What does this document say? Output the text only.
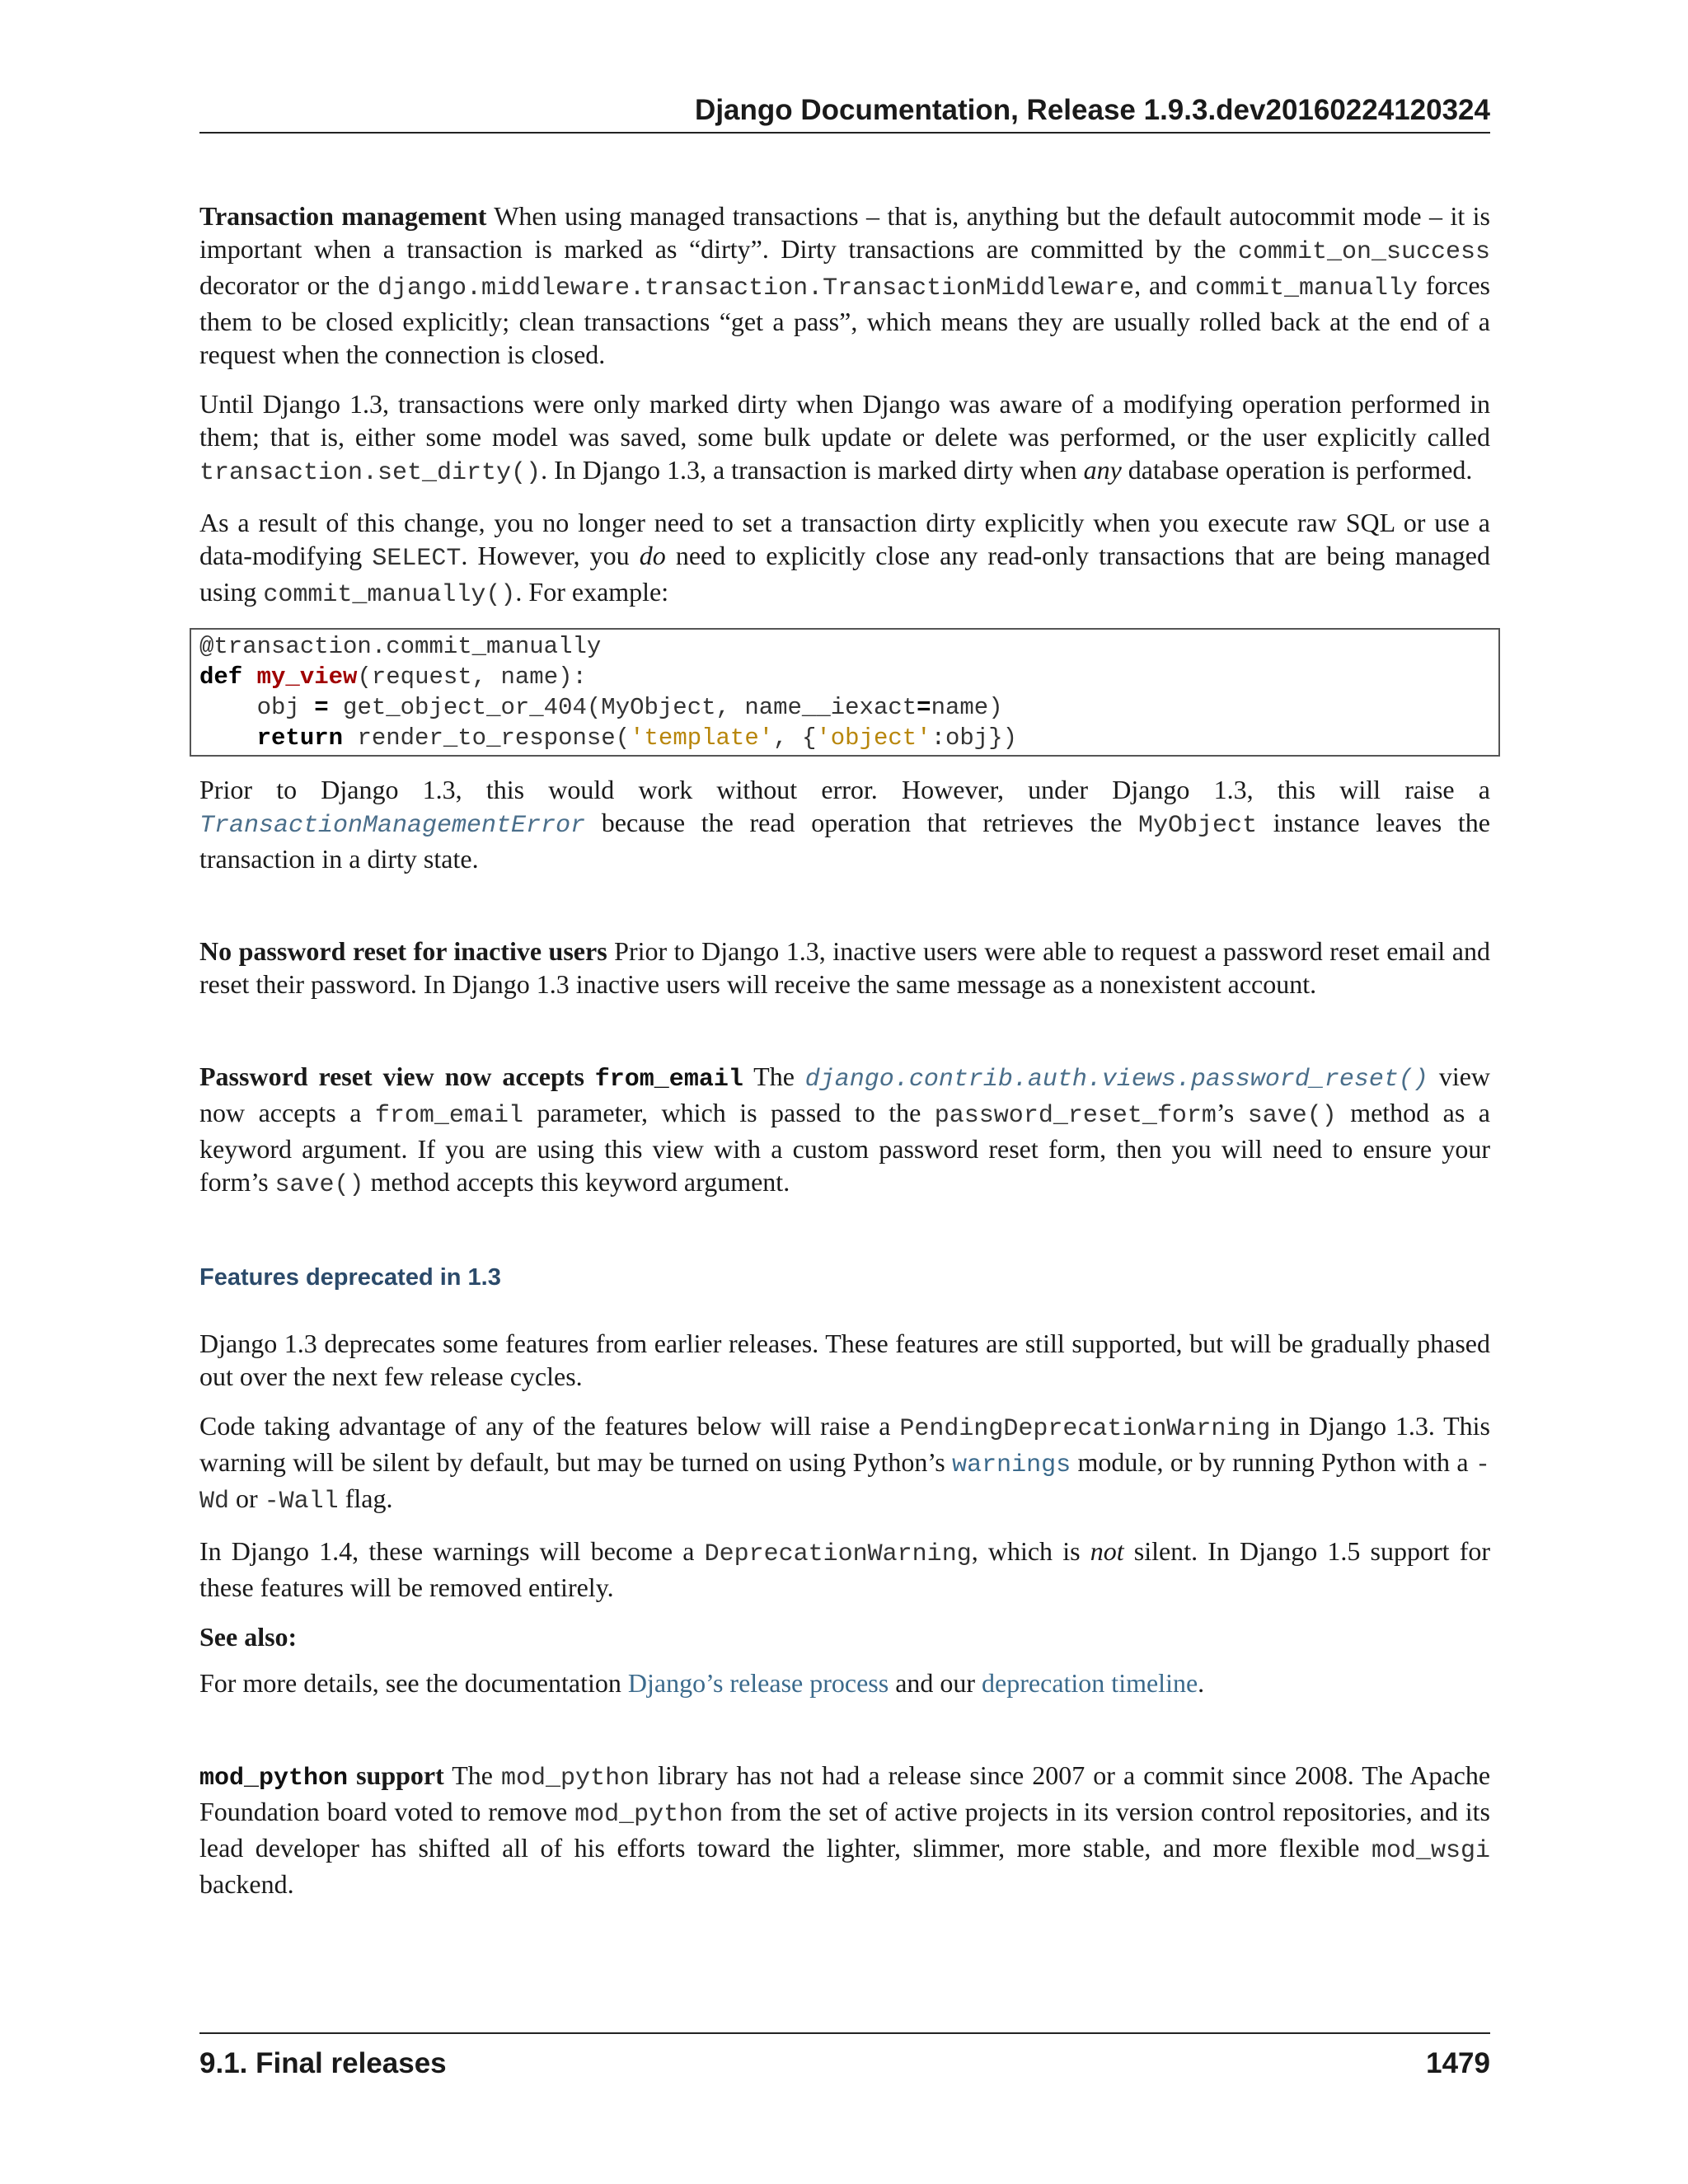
Django Documentation, Release 1.9.3.dev20160224120324

Transaction management When using managed transactions – that is, anything but the default autocommit mode – it is important when a transaction is marked as “dirty”. Dirty transactions are committed by the commit_on_success decorator or the django.middleware.transaction.TransactionMiddleware, and commit_manually forces them to be closed explicitly; clean transactions “get a pass”, which means they are usually rolled back at the end of a request when the connection is closed.

Until Django 1.3, transactions were only marked dirty when Django was aware of a modifying operation performed in them; that is, either some model was saved, some bulk update or delete was performed, or the user explicitly called transaction.set_dirty(). In Django 1.3, a transaction is marked dirty when any database operation is performed.

As a result of this change, you no longer need to set a transaction dirty explicitly when you execute raw SQL or use a data-modifying SELECT. However, you do need to explicitly close any read-only transactions that are being managed using commit_manually(). For example:

@transaction.commit_manually
def my_view(request, name):
obj = get_object_or_404(MyObject, name__iexact=name)
return render_to_response('template', {'object':obj})

Prior to Django 1.3, this would work without error. However, under Django 1.3, this will raise a TransactionManagementError because the read operation that retrieves the MyObject instance leaves the transaction in a dirty state.

No password reset for inactive users Prior to Django 1.3, inactive users were able to request a password reset email and reset their password. In Django 1.3 inactive users will receive the same message as a nonexistent account.

Password reset view now accepts from_email The django.contrib.auth.views.password_reset() view now accepts a from_email parameter, which is passed to the password_reset_form’s save() method as a keyword argument. If you are using this view with a custom password reset form, then you will need to ensure your form’s save() method accepts this keyword argument.

Features deprecated in 1.3

Django 1.3 deprecates some features from earlier releases. These features are still supported, but will be gradually phased out over the next few release cycles.

Code taking advantage of any of the features below will raise a PendingDeprecationWarning in Django 1.3. This warning will be silent by default, but may be turned on using Python’s warnings module, or by running Python with a -Wd or -Wall flag.

In Django 1.4, these warnings will become a DeprecationWarning, which is not silent. In Django 1.5 support for these features will be removed entirely.

See also:

For more details, see the documentation Django’s release process and our deprecation timeline.

mod_python support The mod_python library has not had a release since 2007 or a commit since 2008. The Apache Foundation board voted to remove mod_python from the set of active projects in its version control repositories, and its lead developer has shifted all of his efforts toward the lighter, slimmer, more stable, and more flexible mod_wsgi backend.

9.1. Final releases	1479
